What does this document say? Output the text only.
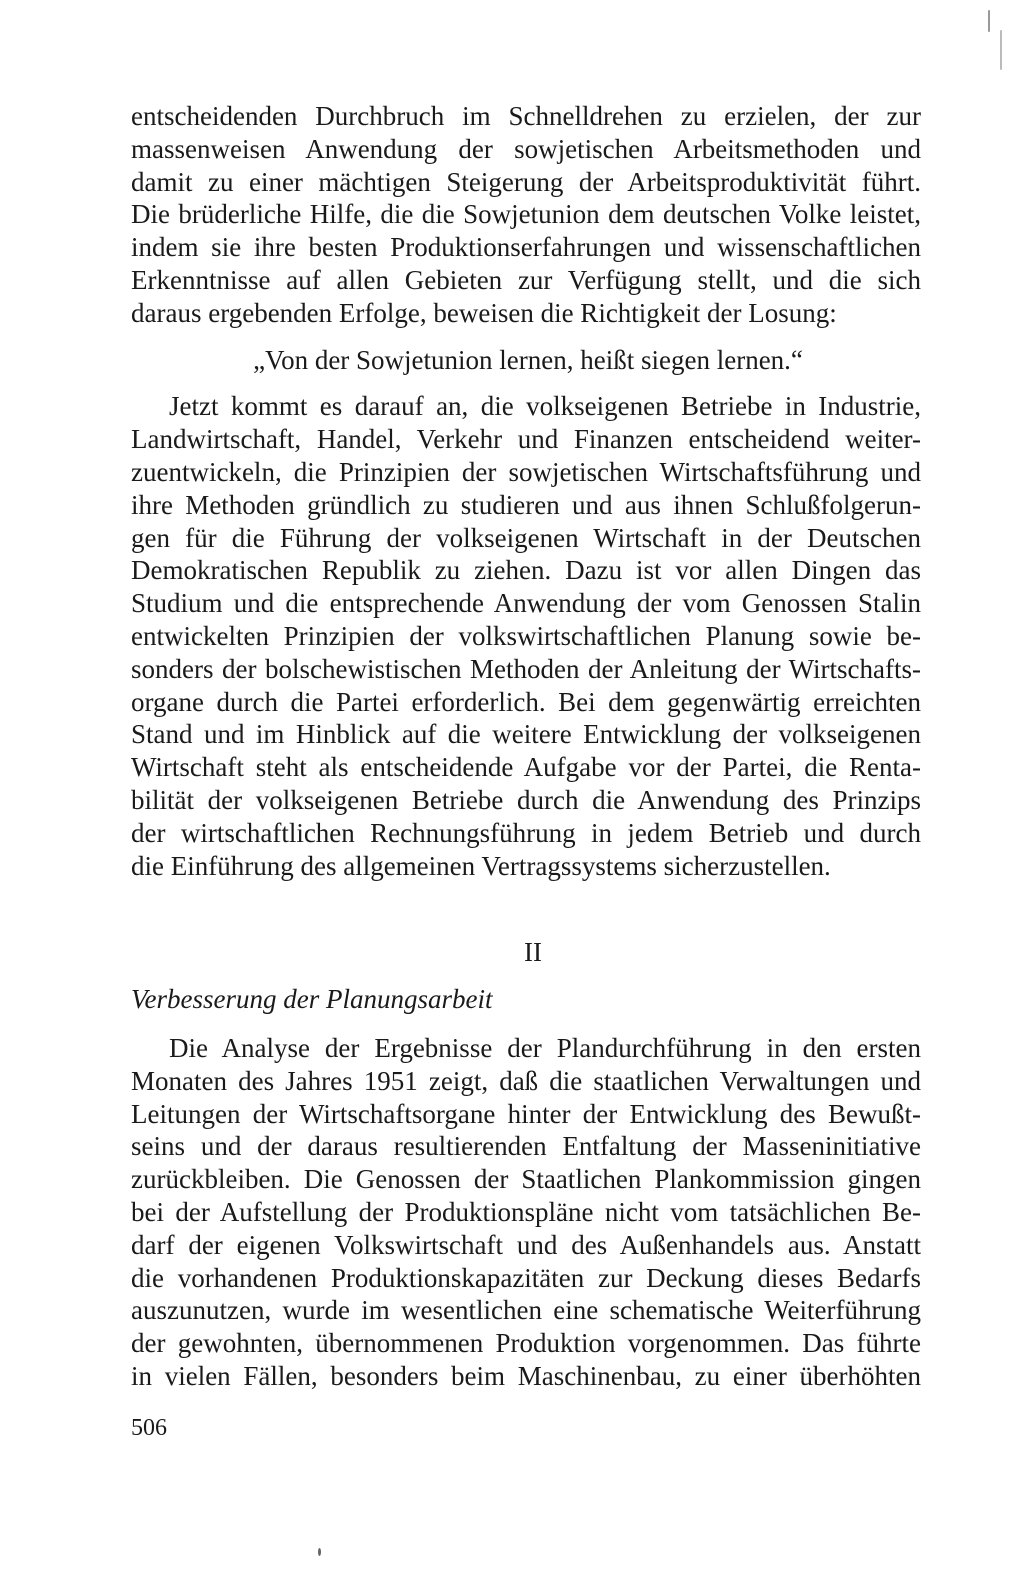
entscheidenden Durchbruch im Schnelldrehen zu erzielen, der zur
massenweisen Anwendung der sowjetischen Arbeitsmethoden und
damit zu einer mächtigen Steigerung der Arbeitsproduktivität führt.
Die brüderliche Hilfe, die die Sowjetunion dem deutschen Volke leistet,
indem sie ihre besten Produktionserfahrungen und wissenschaftlichen
Erkenntnisse auf allen Gebieten zur Verfügung stellt, und die sich
daraus ergebenden Erfolge, beweisen die Richtigkeit der Losung:
„Von der Sowjetunion lernen, heißt siegen lernen.“
Jetzt kommt es darauf an, die volkseigenen Betriebe in Industrie,
Landwirtschaft, Handel, Verkehr und Finanzen entscheidend weiter-
zuentwickeln, die Prinzipien der sowjetischen Wirtschaftsführung und
ihre Methoden gründlich zu studieren und aus ihnen Schlußfolgerun-
gen für die Führung der volkseigenen Wirtschaft in der Deutschen
Demokratischen Republik zu ziehen. Dazu ist vor allen Dingen das
Studium und die entsprechende Anwendung der vom Genossen Stalin
entwickelten Prinzipien der volkswirtschaftlichen Planung sowie be-
sonders der bolschewistischen Methoden der Anleitung der Wirtschafts-
organe durch die Partei erforderlich. Bei dem gegenwärtig erreichten
Stand und im Hinblick auf die weitere Entwicklung der volkseigenen
Wirtschaft steht als entscheidende Aufgabe vor der Partei, die Renta-
bilität der volkseigenen Betriebe durch die Anwendung des Prinzips
der wirtschaftlichen Rechnungsführung in jedem Betrieb und durch
die Einführung des allgemeinen Vertragssystems sicherzustellen.
II
Verbesserung der Planungsarbeit
Die Analyse der Ergebnisse der Plandurchführung in den ersten
Monaten des Jahres 1951 zeigt, daß die staatlichen Verwaltungen und
Leitungen der Wirtschaftsorgane hinter der Entwicklung des Bewußt-
seins und der daraus resultierenden Entfaltung der Masseninitiative
zurückbleiben. Die Genossen der Staatlichen Plankommission gingen
bei der Aufstellung der Produktionspläne nicht vom tatsächlichen Be-
darf der eigenen Volkswirtschaft und des Außenhandels aus. Anstatt
die vorhandenen Produktionskapazitäten zur Deckung dieses Bedarfs
auszunutzen, wurde im wesentlichen eine schematische Weiterführung
der gewohnten, übernommenen Produktion vorgenommen. Das führte
in vielen Fällen, besonders beim Maschinenbau, zu einer überhöhten
506
